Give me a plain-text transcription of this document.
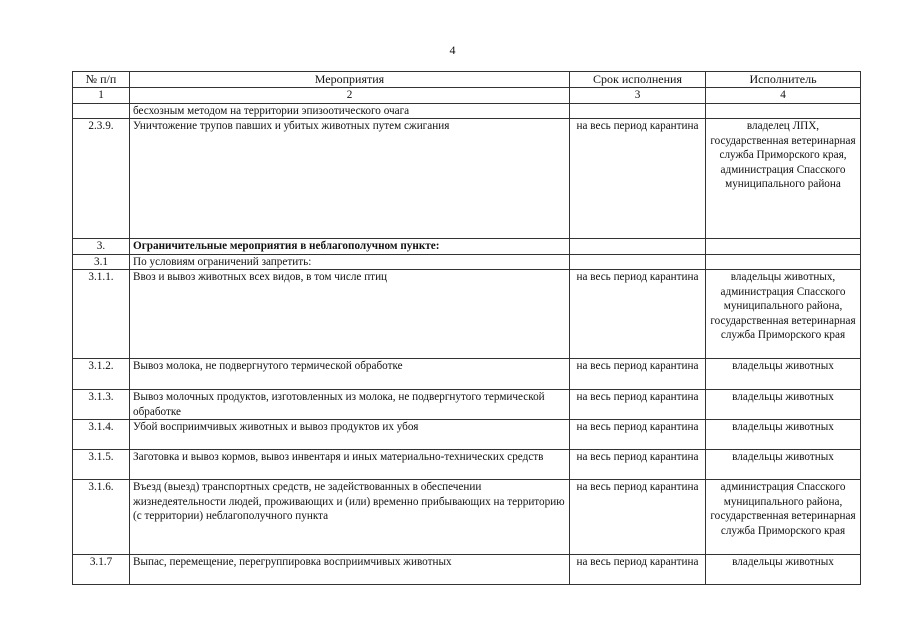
4
№ п/п	Мероприятия	Срок исполнения	Исполнитель
1	2	3	4
	бесхозным методом на территории эпизоотического очага		
2.3.9.	Уничтожение трупов павших и убитых животных путем сжигания	на весь период карантина	владелец ЛПХ, государственная ветеринарная служба Приморского края, администрация Спасского муниципального района
3.	Ограничительные мероприятия в неблагополучном пункте:		
3.1	По условиям ограничений запретить:		
3.1.1.	Ввоз и вывоз животных всех видов, в том числе птиц	на весь период карантина	владельцы животных, администрация Спасского муниципального района, государственная ветеринарная служба Приморского края
3.1.2.	Вывоз молока, не подвергнутого термической обработке	на весь период карантина	владельцы животных
3.1.3.	Вывоз молочных продуктов, изготовленных из молока, не подвергнутого термической обработке	на весь период карантина	владельцы животных
3.1.4.	Убой восприимчивых животных и вывоз продуктов их убоя	на весь период карантина	владельцы животных
3.1.5.	Заготовка и вывоз кормов, вывоз инвентаря и иных материально-технических средств	на весь период карантина	владельцы животных
3.1.6.	Въезд (выезд) транспортных средств, не задействованных в обеспечении жизнедеятельности людей, проживающих и (или) временно прибывающих на территорию (с территории) неблагополучного пункта	на весь период карантина	администрация Спасского муниципального района, государственная ветеринарная служба Приморского края
3.1.7	Выпас, перемещение, перегруппировка восприимчивых животных	на весь период карантина	владельцы животных
